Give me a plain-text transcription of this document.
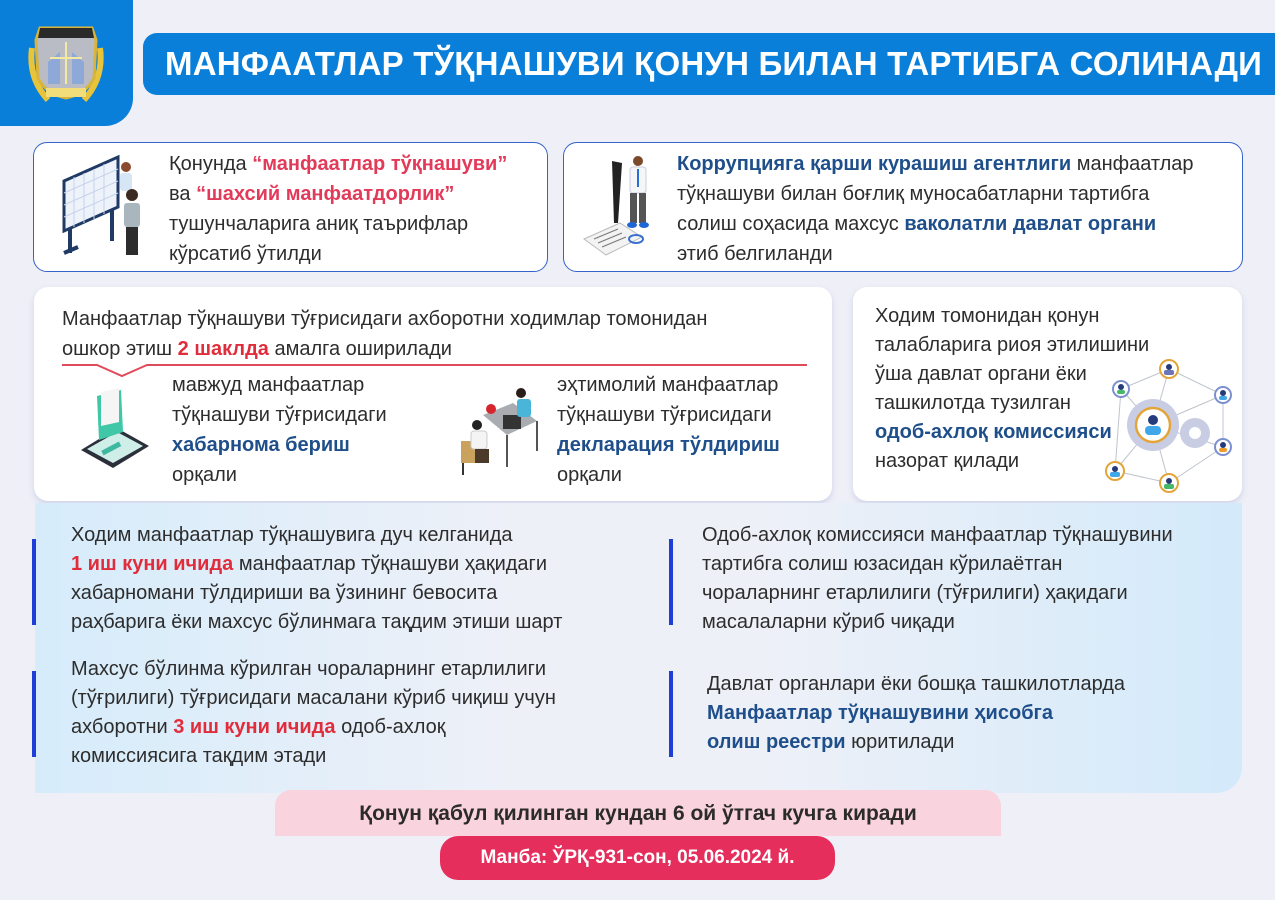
МАНФААТЛАР ТЎҚНАШУВИ ҚОНУН БИЛАН ТАРТИБГА СОЛИНАДИ
Қонунда “манфаатлар тўқнашуви”
ва “шахсий манфаатдорлик”
тушунчаларига аниқ таърифлар
кўрсатиб ўтилди
Коррупцияга қарши курашиш агентлиги манфаатлар
тўқнашуви билан боғлиқ муносабатларни тартибга
солиш соҳасида махсус ваколатли давлат органи
этиб белгиланди
Манфаатлар тўқнашуви тўғрисидаги ахборотни ходимлар томонидан
ошкор этиш 2 шаклда амалга оширилади
мавжуд манфаатлар
тўқнашуви тўғрисидаги
хабарнома бериш
орқали
эҳтимолий манфаатлар
тўқнашуви тўғрисидаги
декларация тўлдириш
орқали
Ходим томонидан қонун
талабларига риоя этилишини
ўша давлат органи ёки
ташкилотда тузилган
одоб-ахлоқ комиссияси
назорат қилади
Ходим манфаатлар тўқнашувига дуч келганида
1 иш куни ичида манфаатлар тўқнашуви ҳақидаги
хабарномани тўлдириши ва ўзининг бевосита
раҳбарига ёки махсус бўлинмага тақдим этиши шарт
Махсус бўлинма кўрилган чораларнинг етарлилиги
(тўғрилиги) тўғрисидаги масалани кўриб чиқиш учун
ахборотни 3 иш куни ичида одоб-ахлоқ
комиссиясига тақдим этади
Одоб-ахлоқ комиссияси манфаатлар тўқнашувини
тартибга солиш юзасидан кўрилаётган
чораларнинг етарлилиги (тўғрилиги) ҳақидаги
масалаларни кўриб чиқади
Давлат органлари ёки бошқа ташкилотларда
Манфаатлар тўқнашувини ҳисобга
олиш реестри юритилади
Қонун қабул қилинган кундан 6 ой ўтгач кучга киради
Манба: ЎРҚ-931-сон, 05.06.2024 й.
